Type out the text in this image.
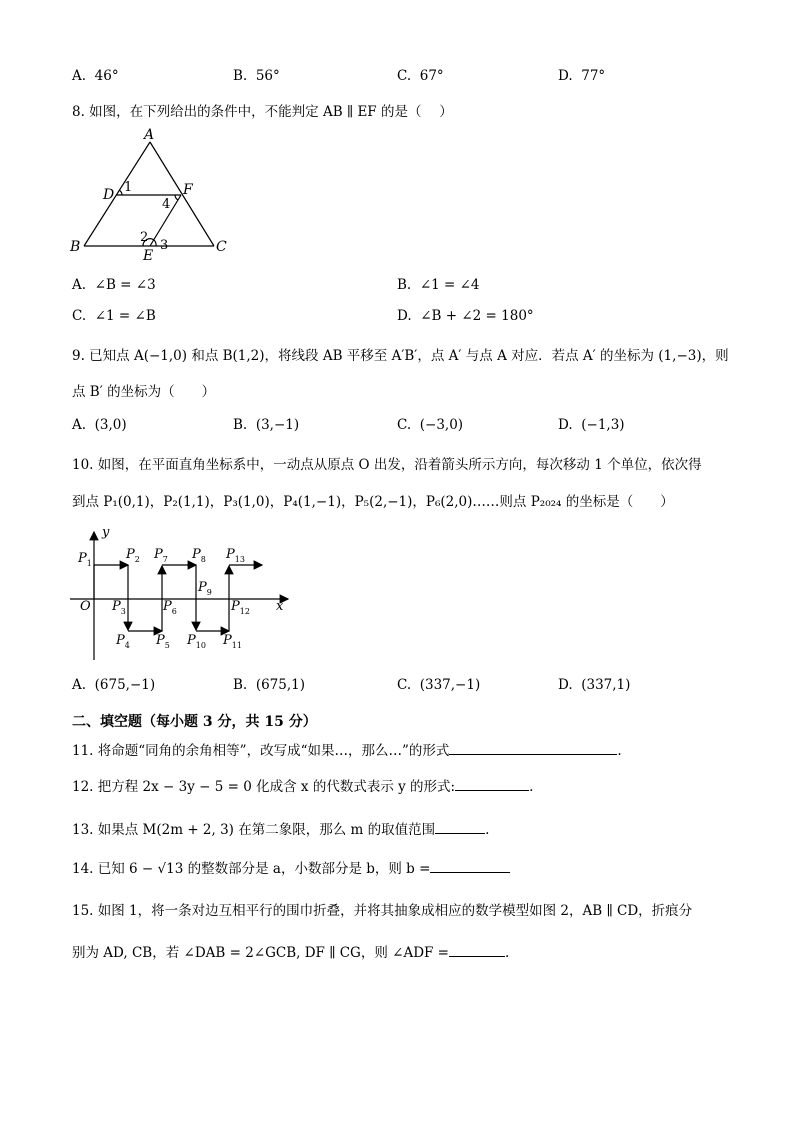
A. 46°	B. 56°	C. 67°	D. 77°
8. 如图，在下列给出的条件中，不能判定 AB ∥ EF 的是（　 ）
A
B	C
D
E
F
1
2
3
4
A. ∠B = ∠3	B. ∠1 = ∠4
C. ∠1 = ∠B	D. ∠B + ∠2 = 180°
9. 已知点 A(−1,0) 和点 B(1,2)，将线段 AB 平移至 A′B′，点 A′ 与点 A 对应．若点 A′ 的坐标为 (1,−3)，则
点 B′ 的坐标为（　　）
A. (3,0)	B. (3,−1)	C. (−3,0)	D. (−1,3)
10. 如图，在平面直角坐标系中，一动点从原点 O 出发，沿着箭头所示方向，每次移动 1 个单位，依次得
到点 P₁(0,1)，P₂(1,1)，P₃(1,0)，P₄(1,−1)，P₅(2,−1)，P₆(2,0)……则点 P₂₀₂₄ 的坐标是（　　）
y
x
O
$P_1$
$P_2$
$P_3$
$P_4$ $P_5$
$P_6$
$P_7$ $P_8$
$P_9$
$P_{10}$ $P_{11}$
$P_{12}$
$P_{13}$
A. (675,−1)	B. (675,1)	C. (337,−1)	D. (337,1)
二、填空题（每小题 3 分，共 15 分）
11. 将命题“同角的余角相等”，改写成“如果…，那么…”的形式	.
12. 把方程 2x − 3y − 5 = 0 化成含 x 的代数式表示 y 的形式:	.
13. 如果点 M(2m + 2, 3) 在第二象限，那么 m 的取值范围	.
14. 已知 6 − √13 的整数部分是 a，小数部分是 b，则 b =
15. 如图 1，将一条对边互相平行的围巾折叠，并将其抽象成相应的数学模型如图 2，AB ∥ CD，折痕分
别为 AD, CB，若 ∠DAB = 2∠GCB, DF ∥ CG，则 ∠ADF =	.
